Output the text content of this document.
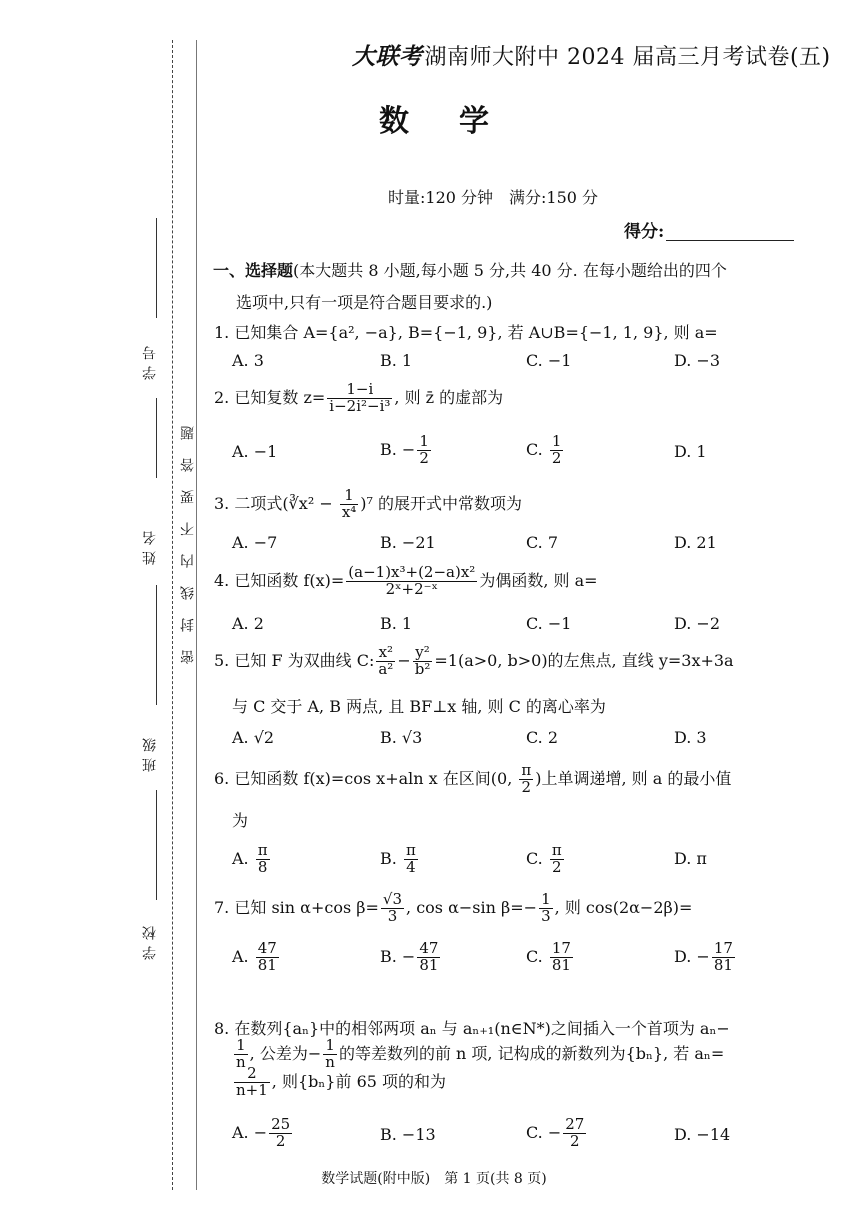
大联考湖南师大附中 2024 届高三月考试卷(五)
数学
时量:120 分钟　满分:150 分
得分:
学号
姓名
班级
学校
密封线内不要答题
一、选择题(本大题共 8 小题,每小题 5 分,共 40 分. 在每小题给出的四个
选项中,只有一项是符合题目要求的.)
1. 已知集合 A={a², −a}, B={−1, 9}, 若 A∪B={−1, 1, 9}, 则 a=
A. 3	B. 1	C. −1	D. −3
2. 已知复数 $z= \frac{1-i}{\text{i−2i²−i³}}$ , 则 z̄ 的虚部为
A. −1	B. − $\frac{1}{2}$	C. $\frac{1}{2}$	D. 1
3. 二项式(∛x² − $\frac{1}{\text{x⁴}} )^7$ 的展开式中常数项为
A. −7	B. −21	C. 7	D. 21
4. 已知函数 $f(x)= \frac{\text{(a−1)x³+(2−a)x²}}{\text{2ˣ+2⁻ˣ}}$ 为偶函数, 则 a=
A. 2	B. 1	C. −1	D. −2
5. 已知 F 为双曲线 C: $\frac{\text{x²}}{\text{a²}} - \frac{\text{y²}}{\text{b²}} =1(a>0$, b>0)的左焦点, 直线 y=3x+3a
与 C 交于 A, B 两点, 且 BF⊥x 轴, 则 C 的离心率为
A. √2	B. √3	C. 2	D. 3
6. 已知函数 f(x)=cos x+aln x 在区间(0, $\frac{\pi}{2}$ )上单调递增, 则 a 的最小值
为
A. $\frac{\pi}{8}$	B. $\frac{\pi}{4}$	C. $\frac{\pi}{2}$	D. π
7. 已知 sin α+cos $\beta= \frac{√3}{3}$ , cos α−sin $\beta=- \frac{1}{3}$ , 则 cos(2α−2β)=
A. $\frac{47}{81}$	B. − $\frac{47}{81}$	C. $\frac{17}{81}$	D. − $\frac{17}{81}$
8. 在数列{aₙ}中的相邻两项 aₙ 与 aₙ₊₁(n∈N*)之间插入一个首项为 aₙ−
$\frac{1}{n}$ , 公差为− $\frac{1}{n}$ 的等差数列的前 n 项, 记构成的新数列为{bₙ}, 若 aₙ=
$\frac{2}{n+1}$ , 则{bₙ}前 65 项的和为
A. − $\frac{25}{2}$	B. −13	C. − $\frac{27}{2}$	D. −14
数学试题(附中版)　第 1 页(共 8 页)
